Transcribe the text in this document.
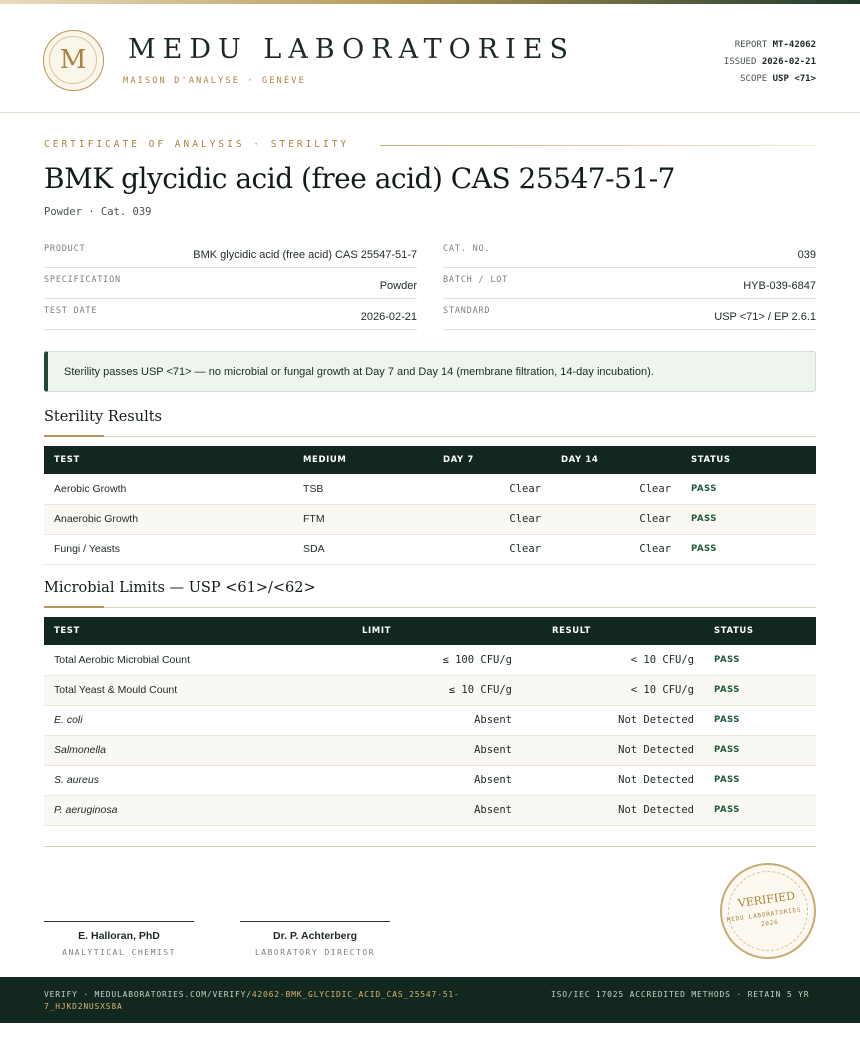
M	MEDU LABORATORIES
MAISON D'ANALYSE · GENÈVE
REPORT MT-42062
ISSUED 2026-02-21
SCOPE USP <71>
CERTIFICATE OF ANALYSIS · STERILITY
BMK glycidic acid (free acid) CAS 25547-51-7
Powder · Cat. 039
PRODUCT	BMK glycidic acid (free acid) CAS 25547-51-7
SPECIFICATION	Powder
TEST DATE	2026-02-21
CAT. NO.	039
BATCH / LOT	HYB-039-6847
STANDARD	USP <71> / EP 2.6.1
Sterility passes USP <71> — no microbial or fungal growth at Day 7 and Day 14 (membrane filtration, 14-day incubation).
Sterility Results
TEST	MEDIUM	DAY 7	DAY 14	STATUS
Aerobic Growth	TSB	Clear	Clear	PASS
Anaerobic Growth	FTM	Clear	Clear	PASS
Fungi / Yeasts	SDA	Clear	Clear	PASS
Microbial Limits — USP <61>/<62>
TEST	LIMIT	RESULT	STATUS
Total Aerobic Microbial Count	≤ 100 CFU/g	< 10 CFU/g	PASS
Total Yeast & Mould Count	≤ 10 CFU/g	< 10 CFU/g	PASS
E. coli	Absent	Not Detected	PASS
Salmonella	Absent	Not Detected	PASS
S. aureus	Absent	Not Detected	PASS
P. aeruginosa	Absent	Not Detected	PASS
E. Halloran, PhD
ANALYTICAL CHEMIST
Dr. P. Achterberg
LABORATORY DIRECTOR
VERIFIED
MEDU LABORATORIES · 2026
VERIFY · MEDULABORATORIES.COM/VERIFY/42062-BMK_GLYCIDIC_ACID_CAS_25547-51-7_HJKD2NUSXS8A
ISO/IEC 17025 ACCREDITED METHODS · RETAIN 5 YR
